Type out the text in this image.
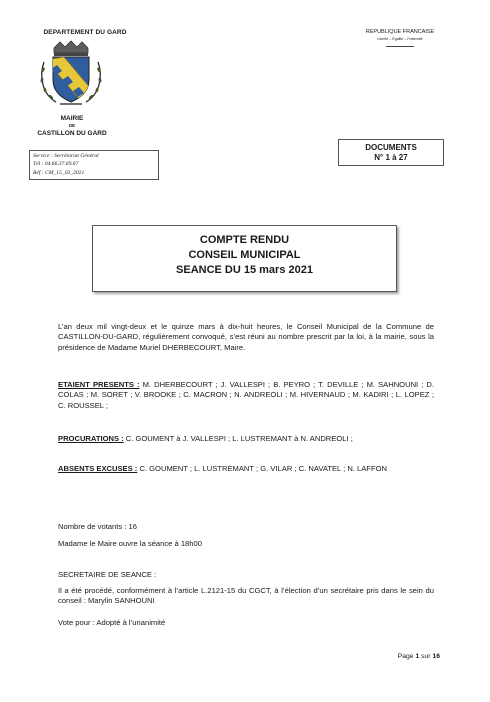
DEPARTEMENT DU GARD
MAIRIE
DE
CASTILLON DU GARD
REPUBLIQUE FRANCAISE
Liberté – Égalité – Fraternité
Service : Secrétariat Général
Tél : 04.66.37.69.67
Réf : CM_15_03_2021
DOCUMENTS
N° 1 à 27
COMPTE RENDU
CONSEIL MUNICIPAL
SEANCE DU 15 mars 2021
L’an deux mil vingt-deux et le quinze mars à dix-huit heures, le Conseil Municipal de la Commune de CASTILLON-DU-GARD, régulièrement convoqué, s’est réuni au nombre prescrit par la loi, à la mairie, sous la présidence de Madame Muriel DHERBECOURT, Maire.
ETAIENT PRESENTS : M. DHERBECOURT ; J. VALLESPI ; B. PEYRO ; T. DEVILLE ; M. SAHNOUNI ; D. COLAS ; M. SORET ; V. BROOKE ; C. MACRON ; N. ANDREOLI ; M. HIVERNAUD ; M. KADIRI ; L. LOPEZ ; C. ROUSSEL ;
PROCURATIONS : C. GOUMENT à J. VALLESPI ; L. LUSTREMANT à N. ANDREOLI ;
ABSENTS EXCUSES : C. GOUMENT ; L. LUSTREMANT ; G. VILAR ; C. NAVATEL ; N. LAFFON
Nombre de votants : 16
Madame le Maire ouvre la séance à 18h00
SECRETAIRE DE SEANCE :
Il a été procédé, conformément à l’article L.2121-15 du CGCT, à l’élection d’un secrétaire pris dans le sein du conseil : Marylin SANHOUNI
Vote pour : Adopté à l’unanimité
Page 1 sur 16
